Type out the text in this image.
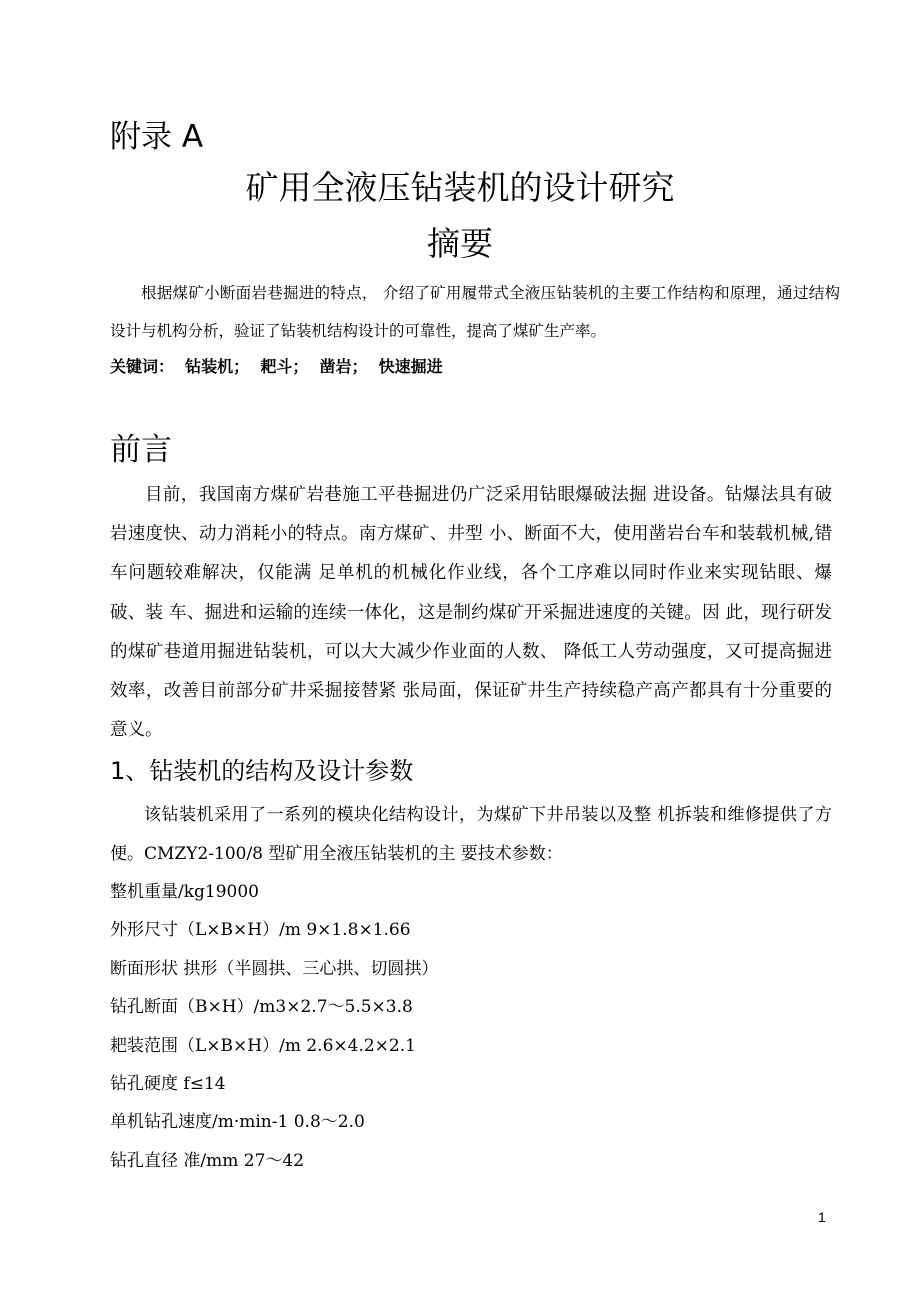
附录 A
矿用全液压钻装机的设计研究
摘要

根据煤矿小断面岩巷掘进的特点， 介绍了矿用履带式全液压钻装机的主要工作结构和原理，通过结构设计与机构分析，验证了钻装机结构设计的可靠性，提高了煤矿生产率。

关键词： 钻装机； 耙斗； 凿岩； 快速掘进
前言

目前，我国南方煤矿岩巷施工平巷掘进仍广泛采用钻眼爆破法掘 进设备。钻爆法具有破岩速度快、动力消耗小的特点。南方煤矿、井型 小、断面不大，使用凿岩台车和装载机械,错车问题较难解决，仅能满 足单机的机械化作业线，各个工序难以同时作业来实现钻眼、爆破、装 车、掘进和运输的连续一体化，这是制约煤矿开采掘进速度的关键。因 此，现行研发的煤矿巷道用掘进钻装机，可以大大减少作业面的人数、 降低工人劳动强度，又可提高掘进效率，改善目前部分矿井采掘接替紧 张局面，保证矿井生产持续稳产高产都具有十分重要的意义。

1、钻装机的结构及设计参数

该钻装机采用了一系列的模块化结构设计，为煤矿下井吊装以及整 机拆装和维修提供了方便。CMZY2-100/8 型矿用全液压钻装机的主 要技术参数：

整机重量/kg19000
外形尺寸（L×B×H）/m 9×1.8×1.66
断面形状 拱形（半圆拱、三心拱、切圆拱）
钻孔断面（B×H）/m3×2.7～5.5×3.8
耙装范围（L×B×H）/m 2.6×4.2×2.1
钻孔硬度 f≤14
单机钻孔速度/m·min-1 0.8～2.0
钻孔直径 准/mm 27～42
1
